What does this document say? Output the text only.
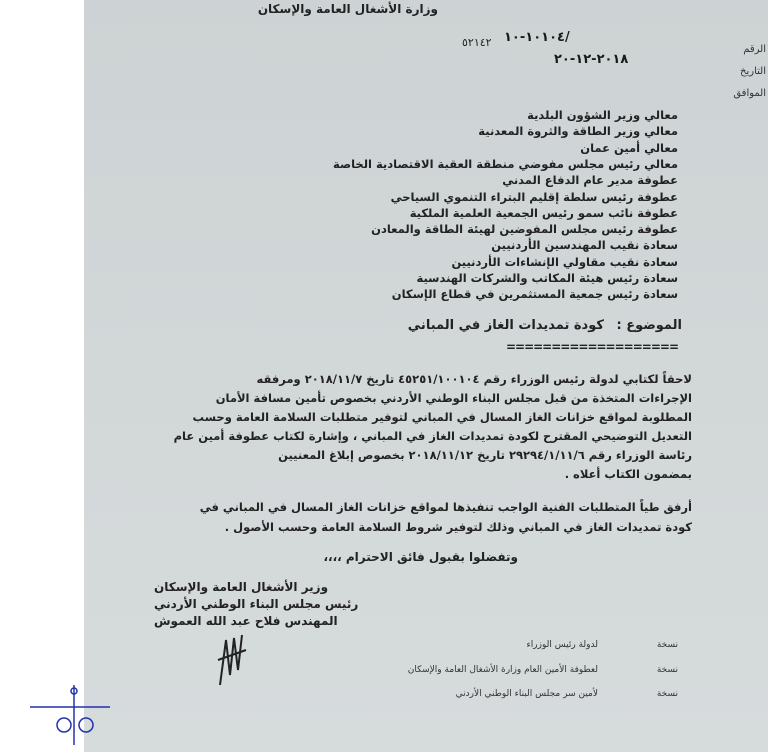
وزارة الأشغال العامة والإسكان
١٠١٠٤-١٠/
٥٢١٤٢
٢٠١٨-١٢-٢٠
الرقم
التاريخ
الموافق
معالي وزير الشؤون البلدية
معالي وزير الطاقة والثروة المعدنية
معالي أمين عمان
معالي رئيس مجلس مفوضي منطقة العقبة الاقتصادية الخاصة
عطوفة مدير عام الدفاع المدني
عطوفة رئيس سلطة إقليم البتراء التنموي السياحي
عطوفة نائب سمو رئيس الجمعية العلمية الملكية
عطوفة رئيس مجلس المفوضين لهيئة الطاقة والمعادن
سعادة نقيب المهندسين الأردنيين
سعادة نقيب مقاولي الإنشاءات الأردنيين
سعادة رئيس هيئة المكاتب والشركات الهندسية
سعادة رئيس جمعية المستثمرين في قطاع الإسكان
الموضوع : كودة تمديدات الغاز في المباني
===================
لاحقاً لكتابي لدولة رئيس الوزراء رقم ٤٥٢٥١/١٠٠١٠٤ تاريخ ٢٠١٨/١١/٧ ومرفقه
الإجراءات المتخذة من قبل مجلس البناء الوطني الأردني بخصوص تأمين مسافة الأمان
المطلوبة لمواقع خزانات الغاز المسال في المباني لتوفير متطلبات السلامة العامة وحسب
التعديل التوضيحي المقترح لكودة تمديدات الغاز في المباني ، وإشارة لكتاب عطوفة أمين عام
رئاسة الوزراء رقم ٢٩٢٩٤/١/١١/٦ تاريخ ٢٠١٨/١١/١٢ بخصوص إبلاغ المعنيين
بمضمون الكتاب أعلاه .
أرفق طياً المتطلبات الفنية الواجب تنفيذها لمواقع خزانات الغاز المسال في المباني في
كودة تمديدات الغاز في المباني وذلك لتوفير شروط السلامة العامة وحسب الأصول .
وتفضلوا بقبول فائق الاحترام ،،،،
وزير الأشغال العامة والإسكان
رئيس مجلس البناء الوطني الأردني
المهندس فلاح عبد الله العموش
نسخة
لدولة رئيس الوزراء
نسخة
لعطوفة الأمين العام وزارة الأشغال العامة والإسكان
نسخة
لأمين سر مجلس البناء الوطني الأردني
